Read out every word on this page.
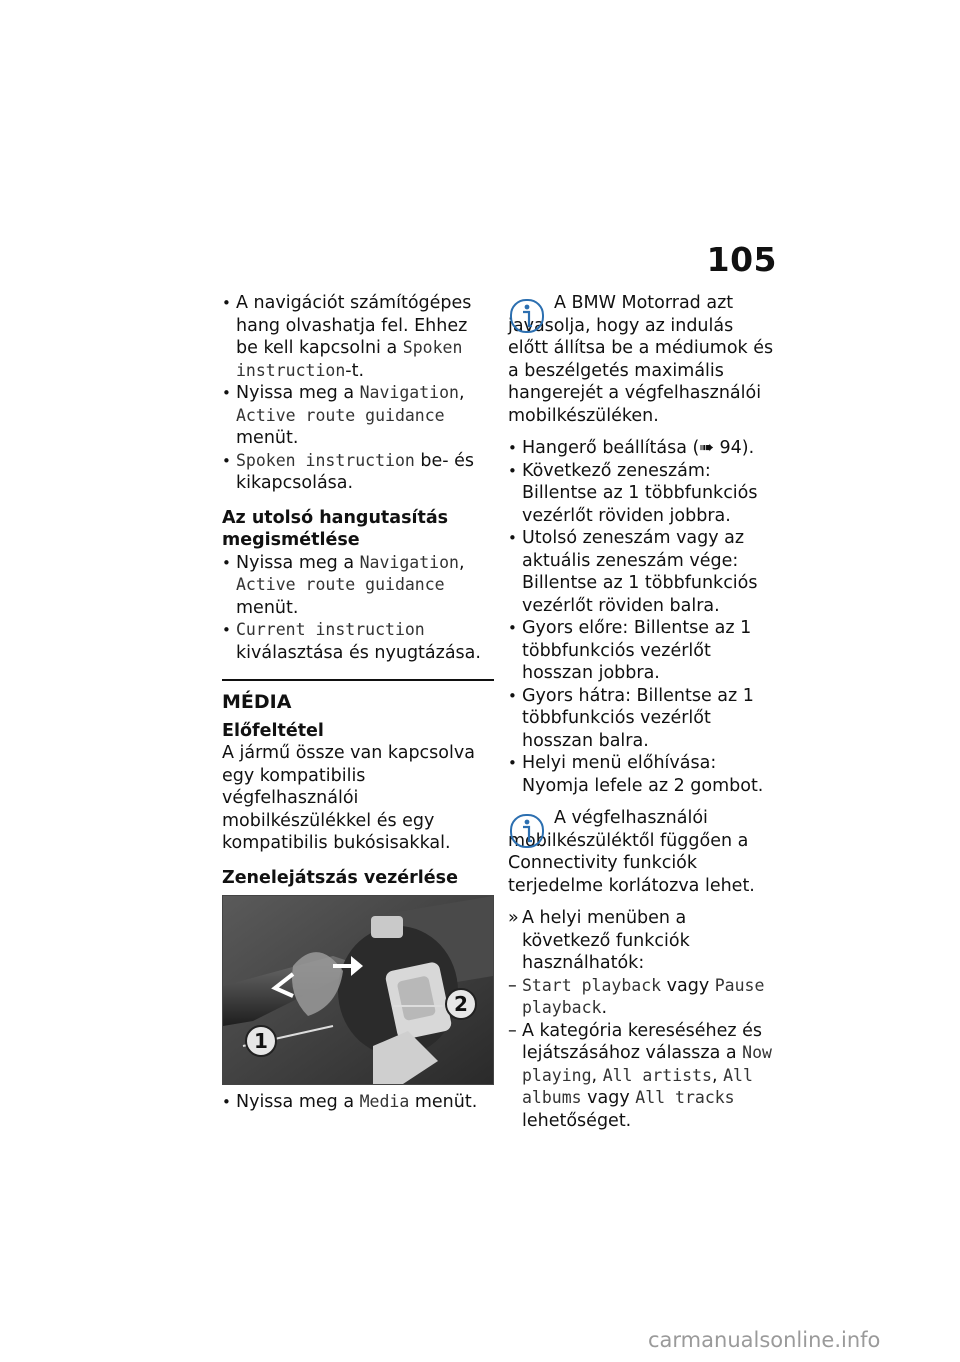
105

• A navigációt számítógépes hang olvashatja fel. Ehhez be kell kapcsolni a Spoken instruction-t.

• Nyissa meg a Navigation, Active route guidance menüt.

• Spoken instruction be- és kikapcsolása.

Az utolsó hangutasítás megismétlése

• Nyissa meg a Navigation, Active route guidance menüt.

• Current instruction kiválasztása és nyugtázása.

MÉDIA

Előfeltétel

A jármű össze van kapcsolva egy kompatibilis végfelhasználói mobilkészülékkel és egy kompatibilis bukósisakkal.

Zenelejátszás vezérlése

1
2

• Nyissa meg a Media menüt.

A BMW Motorrad azt javasolja, hogy az indulás előtt állítsa be a médiumok és a beszélgetés maximális hangerejét a végfelhasználói mobilkészüléken.

• Hangerő beállítása (➠ 94).

• Következő zeneszám: Billentse az 1 többfunkciós vezérlőt röviden jobbra.

• Utolsó zeneszám vagy az aktuális zeneszám vége: Billentse az 1 többfunkciós vezérlőt röviden balra.

• Gyors előre: Billentse az 1 többfunkciós vezérlőt hosszan jobbra.

• Gyors hátra: Billentse az 1 többfunkciós vezérlőt hosszan balra.

• Helyi menü előhívása: Nyomja lefele az 2 gombot.

A végfelhasználói mobilkészüléktől függően a Connectivity funkciók terjedelme korlátozva lehet.

» A helyi menüben a következő funkciók használhatók:

– Start playback vagy Pause playback.

– A kategória kereséséhez és lejátszásához válassza a Now playing, All artists, All albums vagy All tracks lehetőséget.

carmanualsonline.info
